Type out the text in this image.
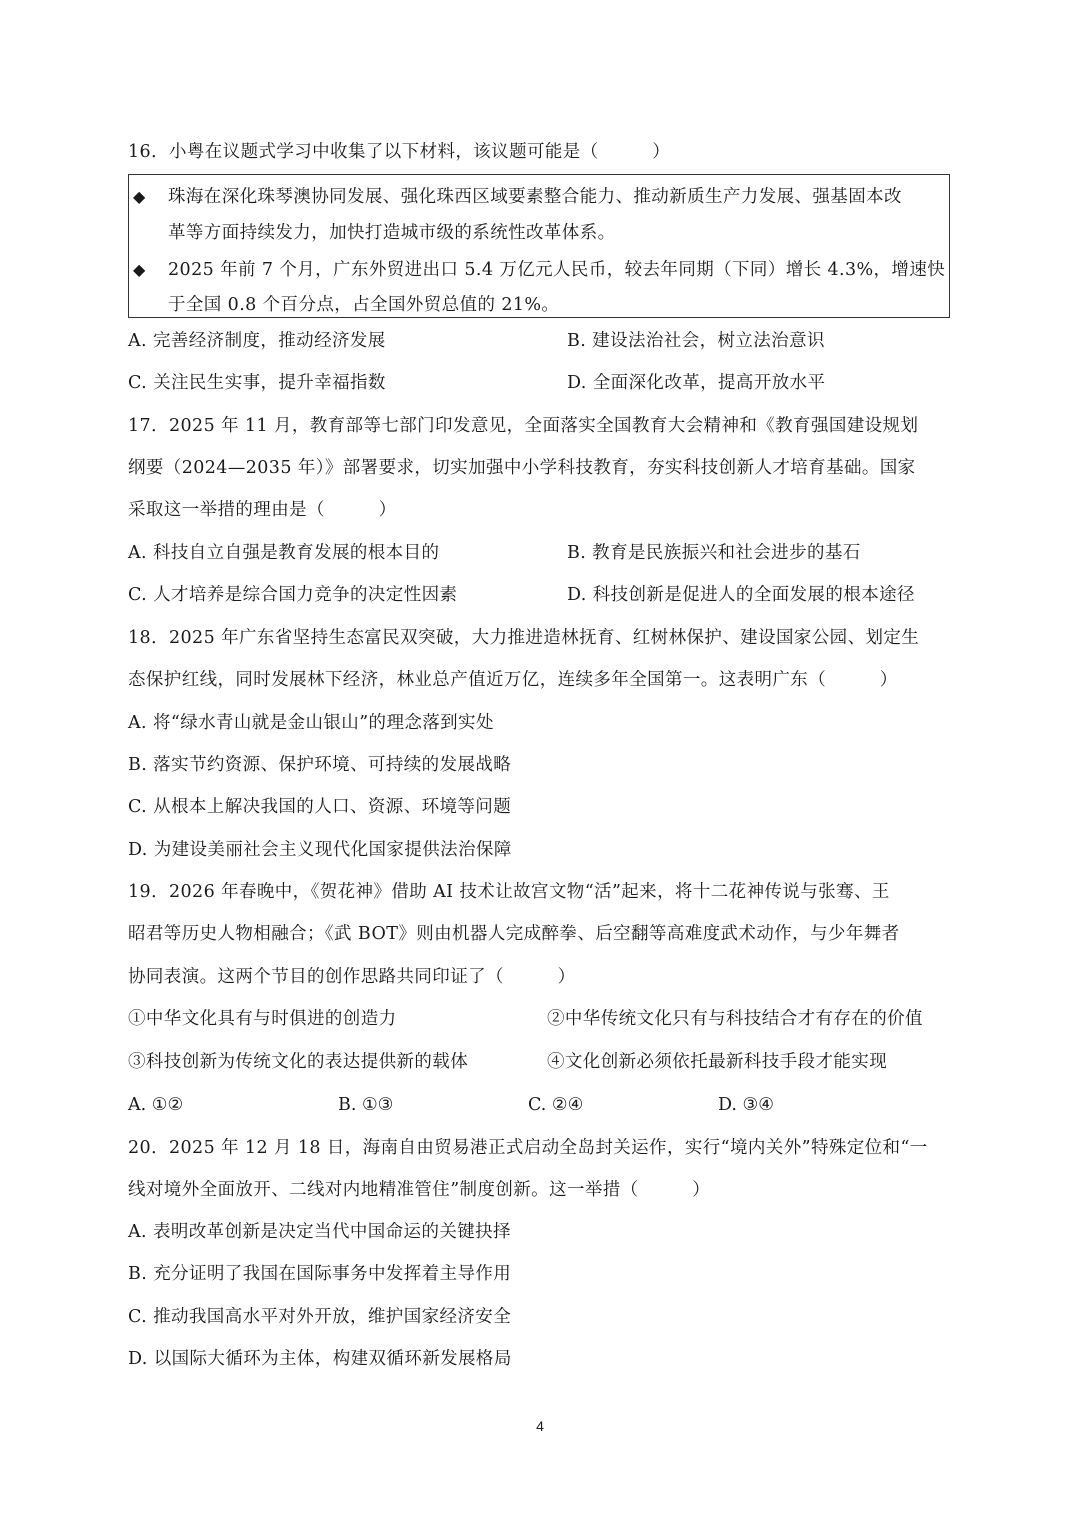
16．小粤在议题式学习中收集了以下材料，该议题可能是（　　　）
◆ 珠海在深化珠琴澳协同发展、强化珠西区域要素整合能力、推动新质生产力发展、强基固本改
革等方面持续发力，加快打造城市级的系统性改革体系。
◆ 2025 年前 7 个月，广东外贸进出口 5.4 万亿元人民币，较去年同期（下同）增长 4.3%，增速快
于全国 0.8 个百分点，占全国外贸总值的 21%。
A. 完善经济制度，推动经济发展	B. 建设法治社会，树立法治意识
C. 关注民生实事，提升幸福指数	D. 全面深化改革，提高开放水平
17．2025 年 11 月，教育部等七部门印发意见，全面落实全国教育大会精神和《教育强国建设规划
纲要（2024—2035 年）》部署要求，切实加强中小学科技教育，夯实科技创新人才培育基础。国家
采取这一举措的理由是（　　　）
A. 科技自立自强是教育发展的根本目的	B. 教育是民族振兴和社会进步的基石
C. 人才培养是综合国力竞争的决定性因素	D. 科技创新是促进人的全面发展的根本途径
18．2025 年广东省坚持生态富民双突破，大力推进造林抚育、红树林保护、建设国家公园、划定生
态保护红线，同时发展林下经济，林业总产值近万亿，连续多年全国第一。这表明广东（　　　）
A. 将“绿水青山就是金山银山”的理念落到实处
B. 落实节约资源、保护环境、可持续的发展战略
C. 从根本上解决我国的人口、资源、环境等问题
D. 为建设美丽社会主义现代化国家提供法治保障
19．2026 年春晚中，《贺花神》借助 AI 技术让故宫文物“活”起来，将十二花神传说与张骞、王
昭君等历史人物相融合；《武 BOT》则由机器人完成醉拳、后空翻等高难度武术动作，与少年舞者
协同表演。这两个节目的创作思路共同印证了（　　　）
①中华文化具有与时俱进的创造力	②中华传统文化只有与科技结合才有存在的价值
③科技创新为传统文化的表达提供新的载体	④文化创新必须依托最新科技手段才能实现
A. ①②	B. ①③	C. ②④	D. ③④
20．2025 年 12 月 18 日，海南自由贸易港正式启动全岛封关运作，实行“境内关外”特殊定位和“一
线对境外全面放开、二线对内地精准管住”制度创新。这一举措（　　　）
A. 表明改革创新是决定当代中国命运的关键抉择
B. 充分证明了我国在国际事务中发挥着主导作用
C. 推动我国高水平对外开放，维护国家经济安全
D. 以国际大循环为主体，构建双循环新发展格局
4
